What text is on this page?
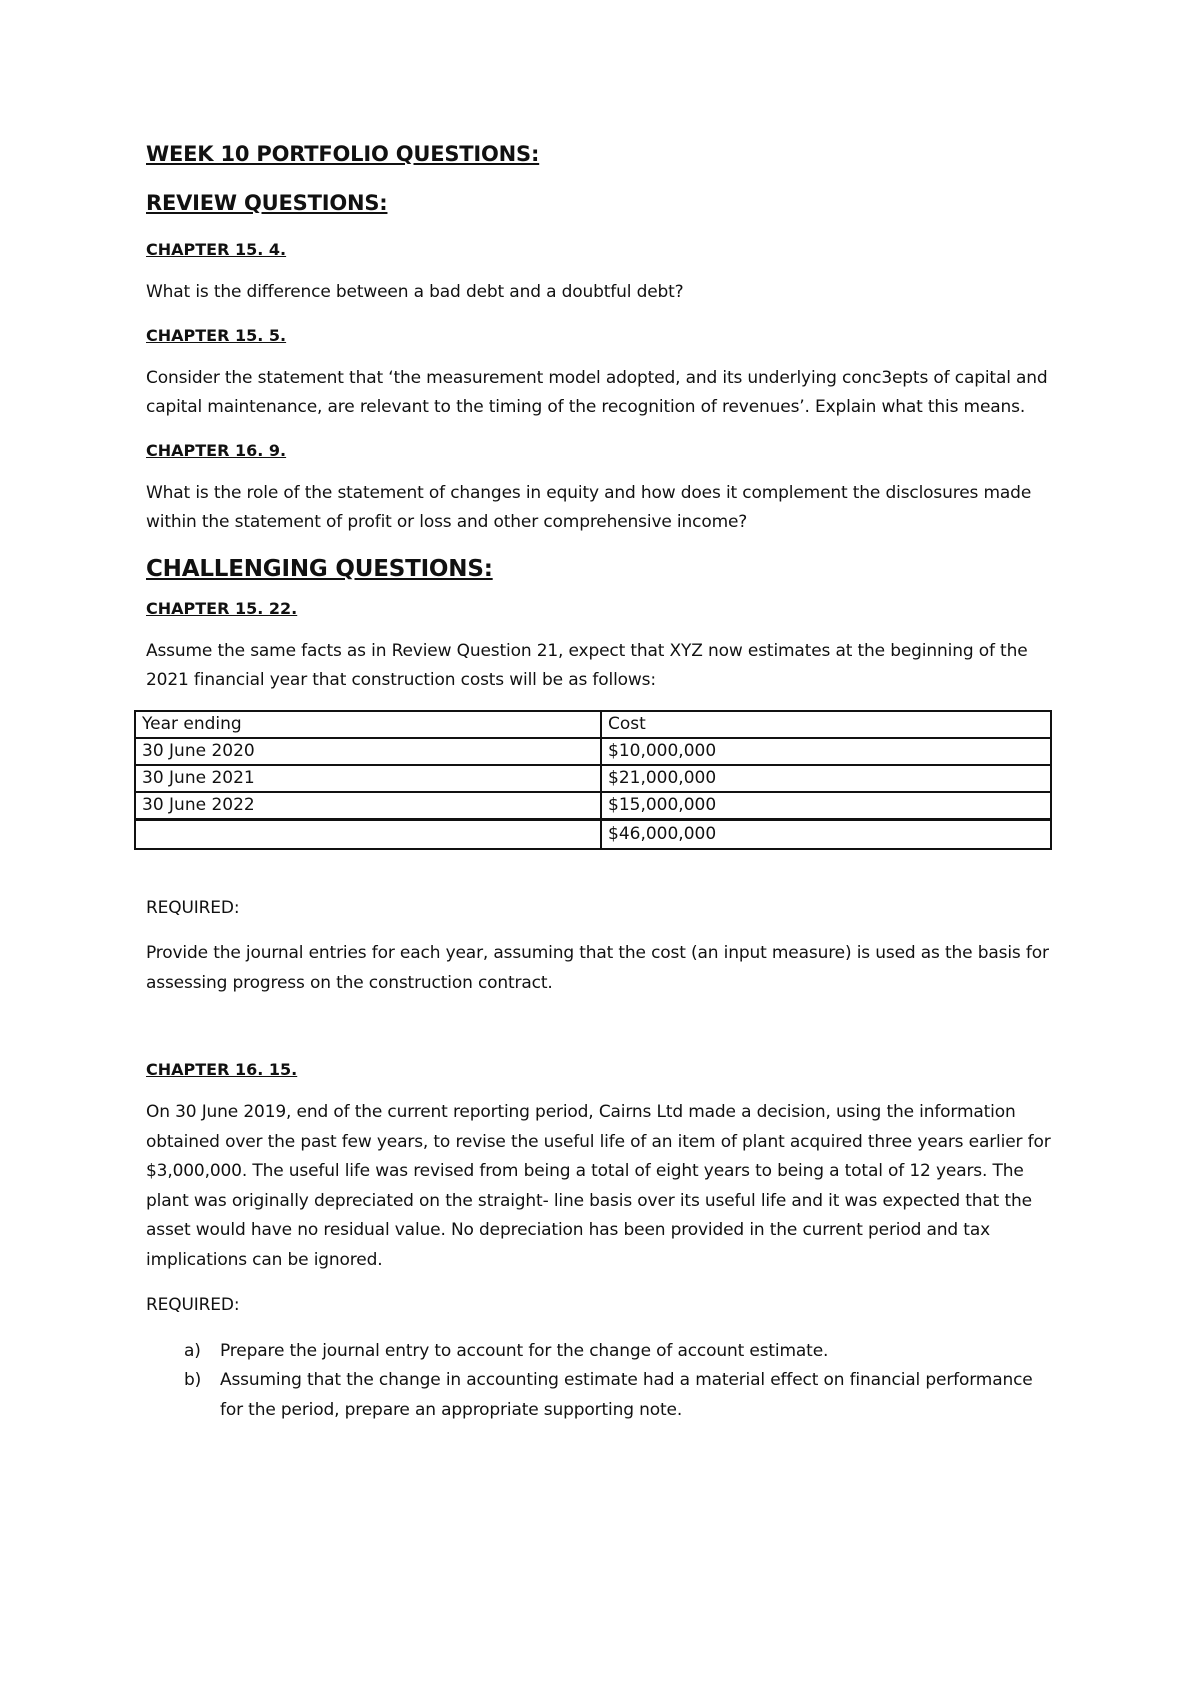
WEEK 10 PORTFOLIO QUESTIONS:
REVIEW QUESTIONS:
CHAPTER 15. 4.
What is the difference between a bad debt and a doubtful debt?
CHAPTER 15. 5.
Consider the statement that ‘the measurement model adopted, and its underlying conc3epts of capital and capital maintenance, are relevant to the timing of the recognition of revenues’. Explain what this means.
CHAPTER 16. 9.
What is the role of the statement of changes in equity and how does it complement the disclosures made within the statement of profit or loss and other comprehensive income?
CHALLENGING QUESTIONS:
CHAPTER 15. 22.
Assume the same facts as in Review Question 21, expect that XYZ now estimates at the beginning of the 2021 financial year that construction costs will be as follows:
Year ending	Cost
30 June 2020	$10,000,000
30 June 2021	$21,000,000
30 June 2022	$15,000,000
	$46,000,000
REQUIRED:
Provide the journal entries for each year, assuming that the cost (an input measure) is used as the basis for assessing progress on the construction contract.
CHAPTER 16. 15.
On 30 June 2019, end of the current reporting period, Cairns Ltd made a decision, using the information obtained over the past few years, to revise the useful life of an item of plant acquired three years earlier for $3,000,000. The useful life was revised from being a total of eight years to being a total of 12 years. The plant was originally depreciated on the straight- line basis over its useful life and it was expected that the asset would have no residual value. No depreciation has been provided in the current period and tax implications can be ignored.
REQUIRED:
a)	Prepare the journal entry to account for the change of account estimate.
b)	Assuming that the change in accounting estimate had a material effect on financial performance for the period, prepare an appropriate supporting note.
